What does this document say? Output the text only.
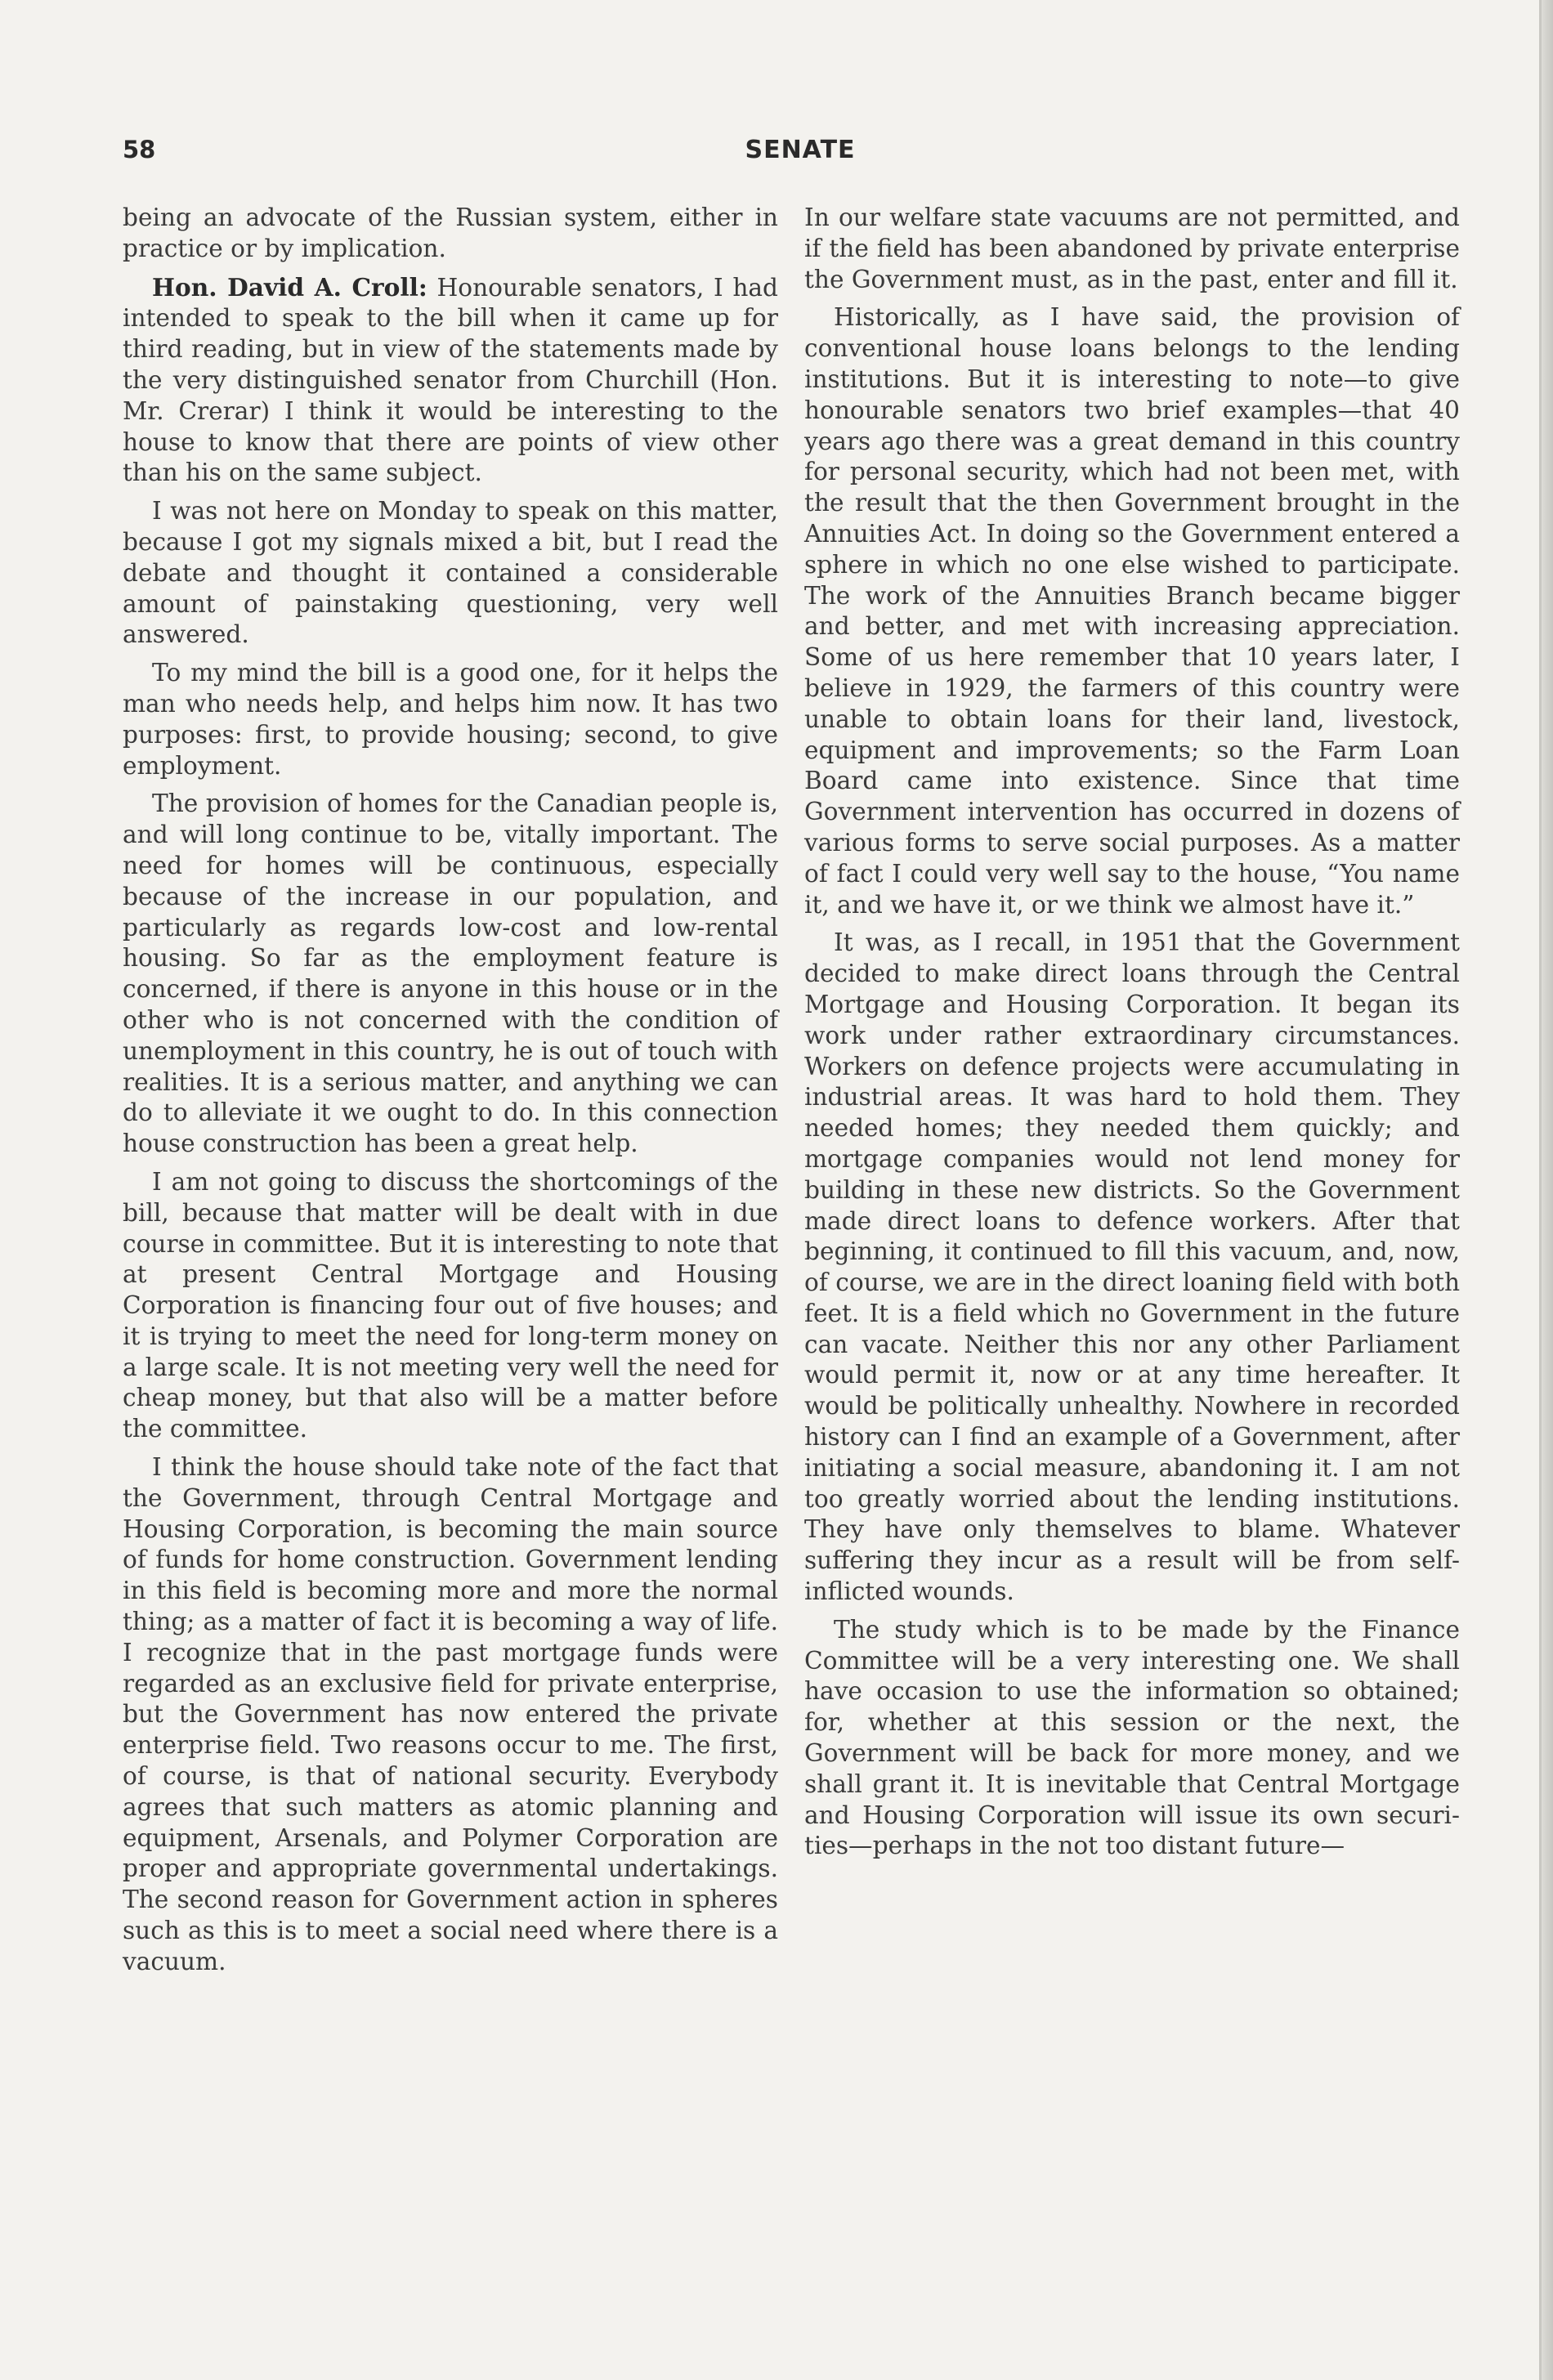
58	SENATE

being an advocate of the Russian system, either in practice or by implication.

Hon. David A. Croll: Honourable senators, I had intended to speak to the bill when it came up for third reading, but in view of the statements made by the very distinguished senator from Churchill (Hon. Mr. Crerar) I think it would be interesting to the house to know that there are points of view other than his on the same subject.

I was not here on Monday to speak on this matter, because I got my signals mixed a bit, but I read the debate and thought it contained a considerable amount of painstaking questioning, very well answered.

To my mind the bill is a good one, for it helps the man who needs help, and helps him now. It has two purposes: first, to provide housing; second, to give employment.

The provision of homes for the Canadian people is, and will long continue to be, vitally important. The need for homes will be continuous, especially because of the increase in our population, and particularly as regards low-cost and low-rental housing. So far as the employment feature is concerned, if there is anyone in this house or in the other who is not concerned with the condition of unemployment in this country, he is out of touch with realities. It is a serious matter, and anything we can do to alleviate it we ought to do. In this connection house construction has been a great help.

I am not going to discuss the shortcomings of the bill, because that matter will be dealt with in due course in committee. But it is interesting to note that at present Central Mortgage and Housing Corporation is financing four out of five houses; and it is trying to meet the need for long-term money on a large scale. It is not meeting very well the need for cheap money, but that also will be a matter before the committee.

I think the house should take note of the fact that the Government, through Central Mortgage and Housing Corporation, is becoming the main source of funds for home construction. Government lending in this field is becoming more and more the normal thing; as a matter of fact it is becoming a way of life. I recognize that in the past mortgage funds were regarded as an exclusive field for private enterprise, but the Government has now entered the private enterprise field. Two reasons occur to me. The first, of course, is that of national security. Everybody agrees that such matters as atomic planning and equipment, Arsenals, and Polymer Corporation are proper and appropriate governmental undertakings. The second reason for Government action in spheres such as this is to meet a social need where there is a vacuum.

In our welfare state vacuums are not permitted, and if the field has been abandoned by private enterprise the Government must, as in the past, enter and fill it.

Historically, as I have said, the provision of conventional house loans belongs to the lending institutions. But it is interesting to note—to give honourable senators two brief examples—that 40 years ago there was a great demand in this country for personal security, which had not been met, with the result that the then Government brought in the Annuities Act. In doing so the Government entered a sphere in which no one else wished to participate. The work of the Annuities Branch became bigger and better, and met with increasing appreciation. Some of us here remember that 10 years later, I believe in 1929, the farmers of this country were unable to obtain loans for their land, livestock, equipment and improvements; so the Farm Loan Board came into existence. Since that time Government intervention has occurred in dozens of various forms to serve social purposes. As a matter of fact I could very well say to the house, “You name it, and we have it, or we think we almost have it.”

It was, as I recall, in 1951 that the Government decided to make direct loans through the Central Mortgage and Housing Corporation. It began its work under rather extraordinary circumstances. Workers on defence projects were accumulating in industrial areas. It was hard to hold them. They needed homes; they needed them quickly; and mortgage companies would not lend money for building in these new districts. So the Government made direct loans to defence workers. After that beginning, it continued to fill this vacuum, and, now, of course, we are in the direct loaning field with both feet. It is a field which no Government in the future can vacate. Neither this nor any other Parliament would permit it, now or at any time hereafter. It would be politically unhealthy. Nowhere in recorded history can I find an example of a Government, after initiating a social measure, abandoning it. I am not too greatly worried about the lending institutions. They have only themselves to blame. Whatever suffering they incur as a result will be from self-inflicted wounds.

The study which is to be made by the Finance Committee will be a very interesting one. We shall have occasion to use the information so obtained; for, whether at this session or the next, the Government will be back for more money, and we shall grant it. It is inevitable that Central Mortgage and Housing Corporation will issue its own securities—perhaps in the not too distant future—
